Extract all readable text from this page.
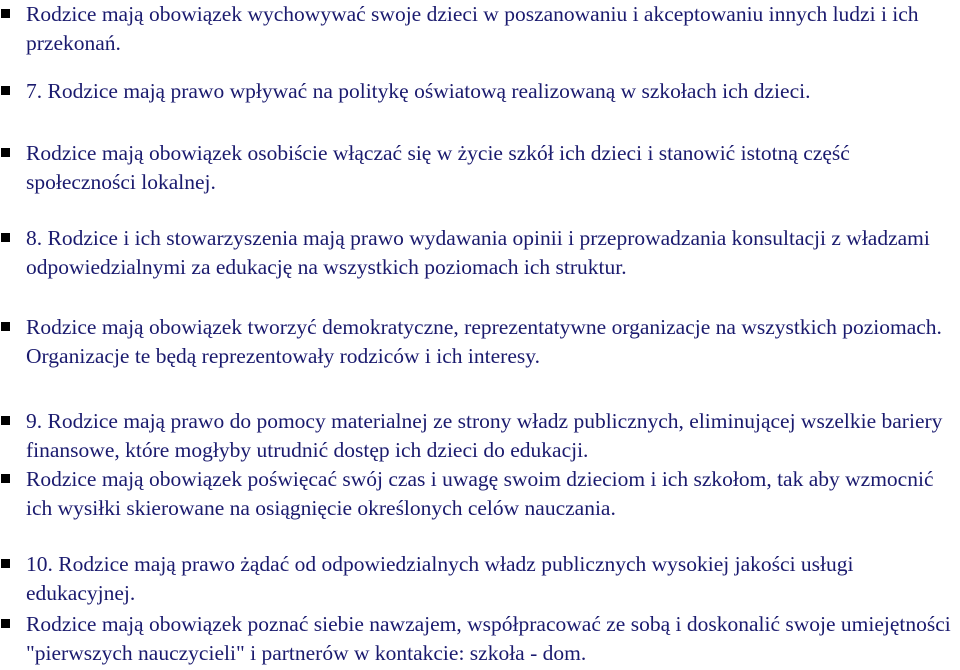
Rodzice mają obowiązek wychowywać swoje dzieci w poszanowaniu i akceptowaniu innych ludzi i ich przekonań.
7. Rodzice mają prawo wpływać na politykę oświatową realizowaną w szkołach ich dzieci.
Rodzice mają obowiązek osobiście włączać się w życie szkół ich dzieci i stanowić istotną część społeczności lokalnej.
8. Rodzice i ich stowarzyszenia mają prawo wydawania opinii i przeprowadzania konsultacji z władzami odpowiedzialnymi za edukację na wszystkich poziomach ich struktur.
Rodzice mają obowiązek tworzyć demokratyczne, reprezentatywne organizacje na wszystkich poziomach. Organizacje te będą reprezentowały rodziców i ich interesy.
9. Rodzice mają prawo do pomocy materialnej ze strony władz publicznych, eliminującej wszelkie bariery finansowe, które mogłyby utrudnić dostęp ich dzieci do edukacji.
Rodzice mają obowiązek poświęcać swój czas i uwagę swoim dzieciom i ich szkołom, tak aby wzmocnić ich wysiłki skierowane na osiągnięcie określonych celów nauczania.
10. Rodzice mają prawo żądać od odpowiedzialnych władz publicznych wysokiej jakości usługi edukacyjnej.
Rodzice mają obowiązek poznać siebie nawzajem, współpracować ze sobą i doskonalić swoje umiejętności "pierwszych nauczycieli" i partnerów w kontakcie: szkoła - dom.
